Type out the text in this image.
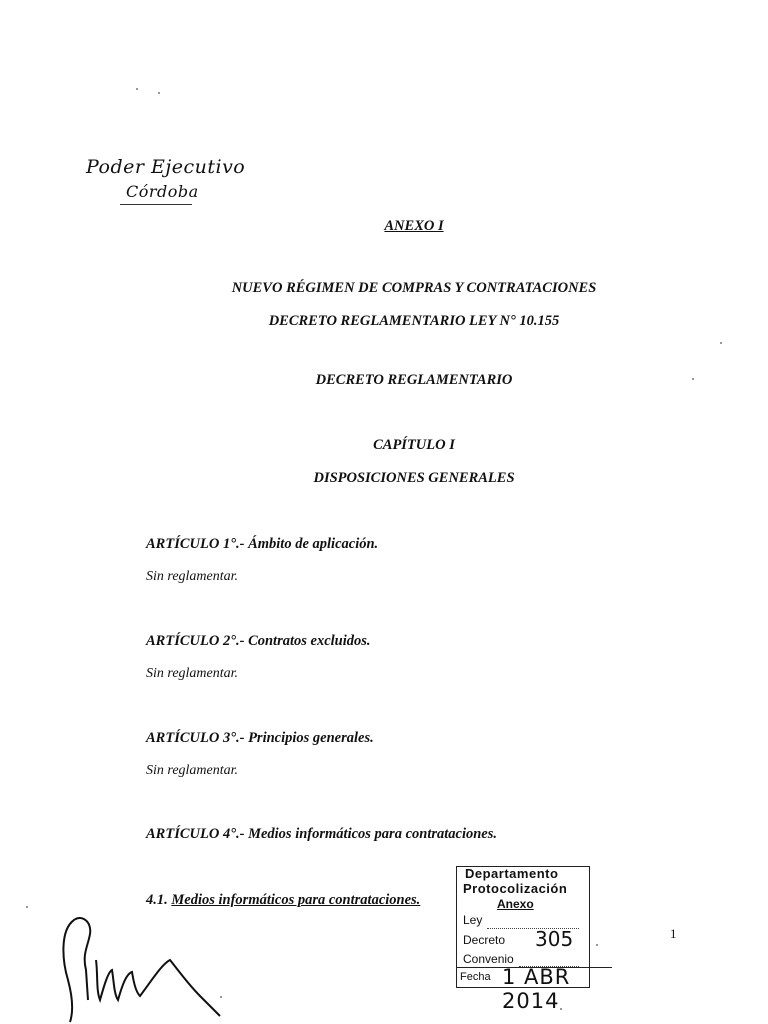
Poder Ejecutivo
Córdoba
ANEXO I
NUEVO RÉGIMEN DE COMPRAS Y CONTRATACIONES
DECRETO REGLAMENTARIO LEY N° 10.155
DECRETO REGLAMENTARIO
CAPÍTULO I
DISPOSICIONES GENERALES
ARTÍCULO 1°.- Ámbito de aplicación.
Sin reglamentar.
ARTÍCULO 2°.- Contratos excluidos.
Sin reglamentar.
ARTÍCULO 3°.- Principios generales.
Sin reglamentar.
ARTÍCULO 4°.- Medios informáticos para contrataciones.
4.1. Medios informáticos para contrataciones.
Departamento
Protocolización
Anexo
Ley
Decreto 305
Convenio
Fecha 1 ABR 2014
1
